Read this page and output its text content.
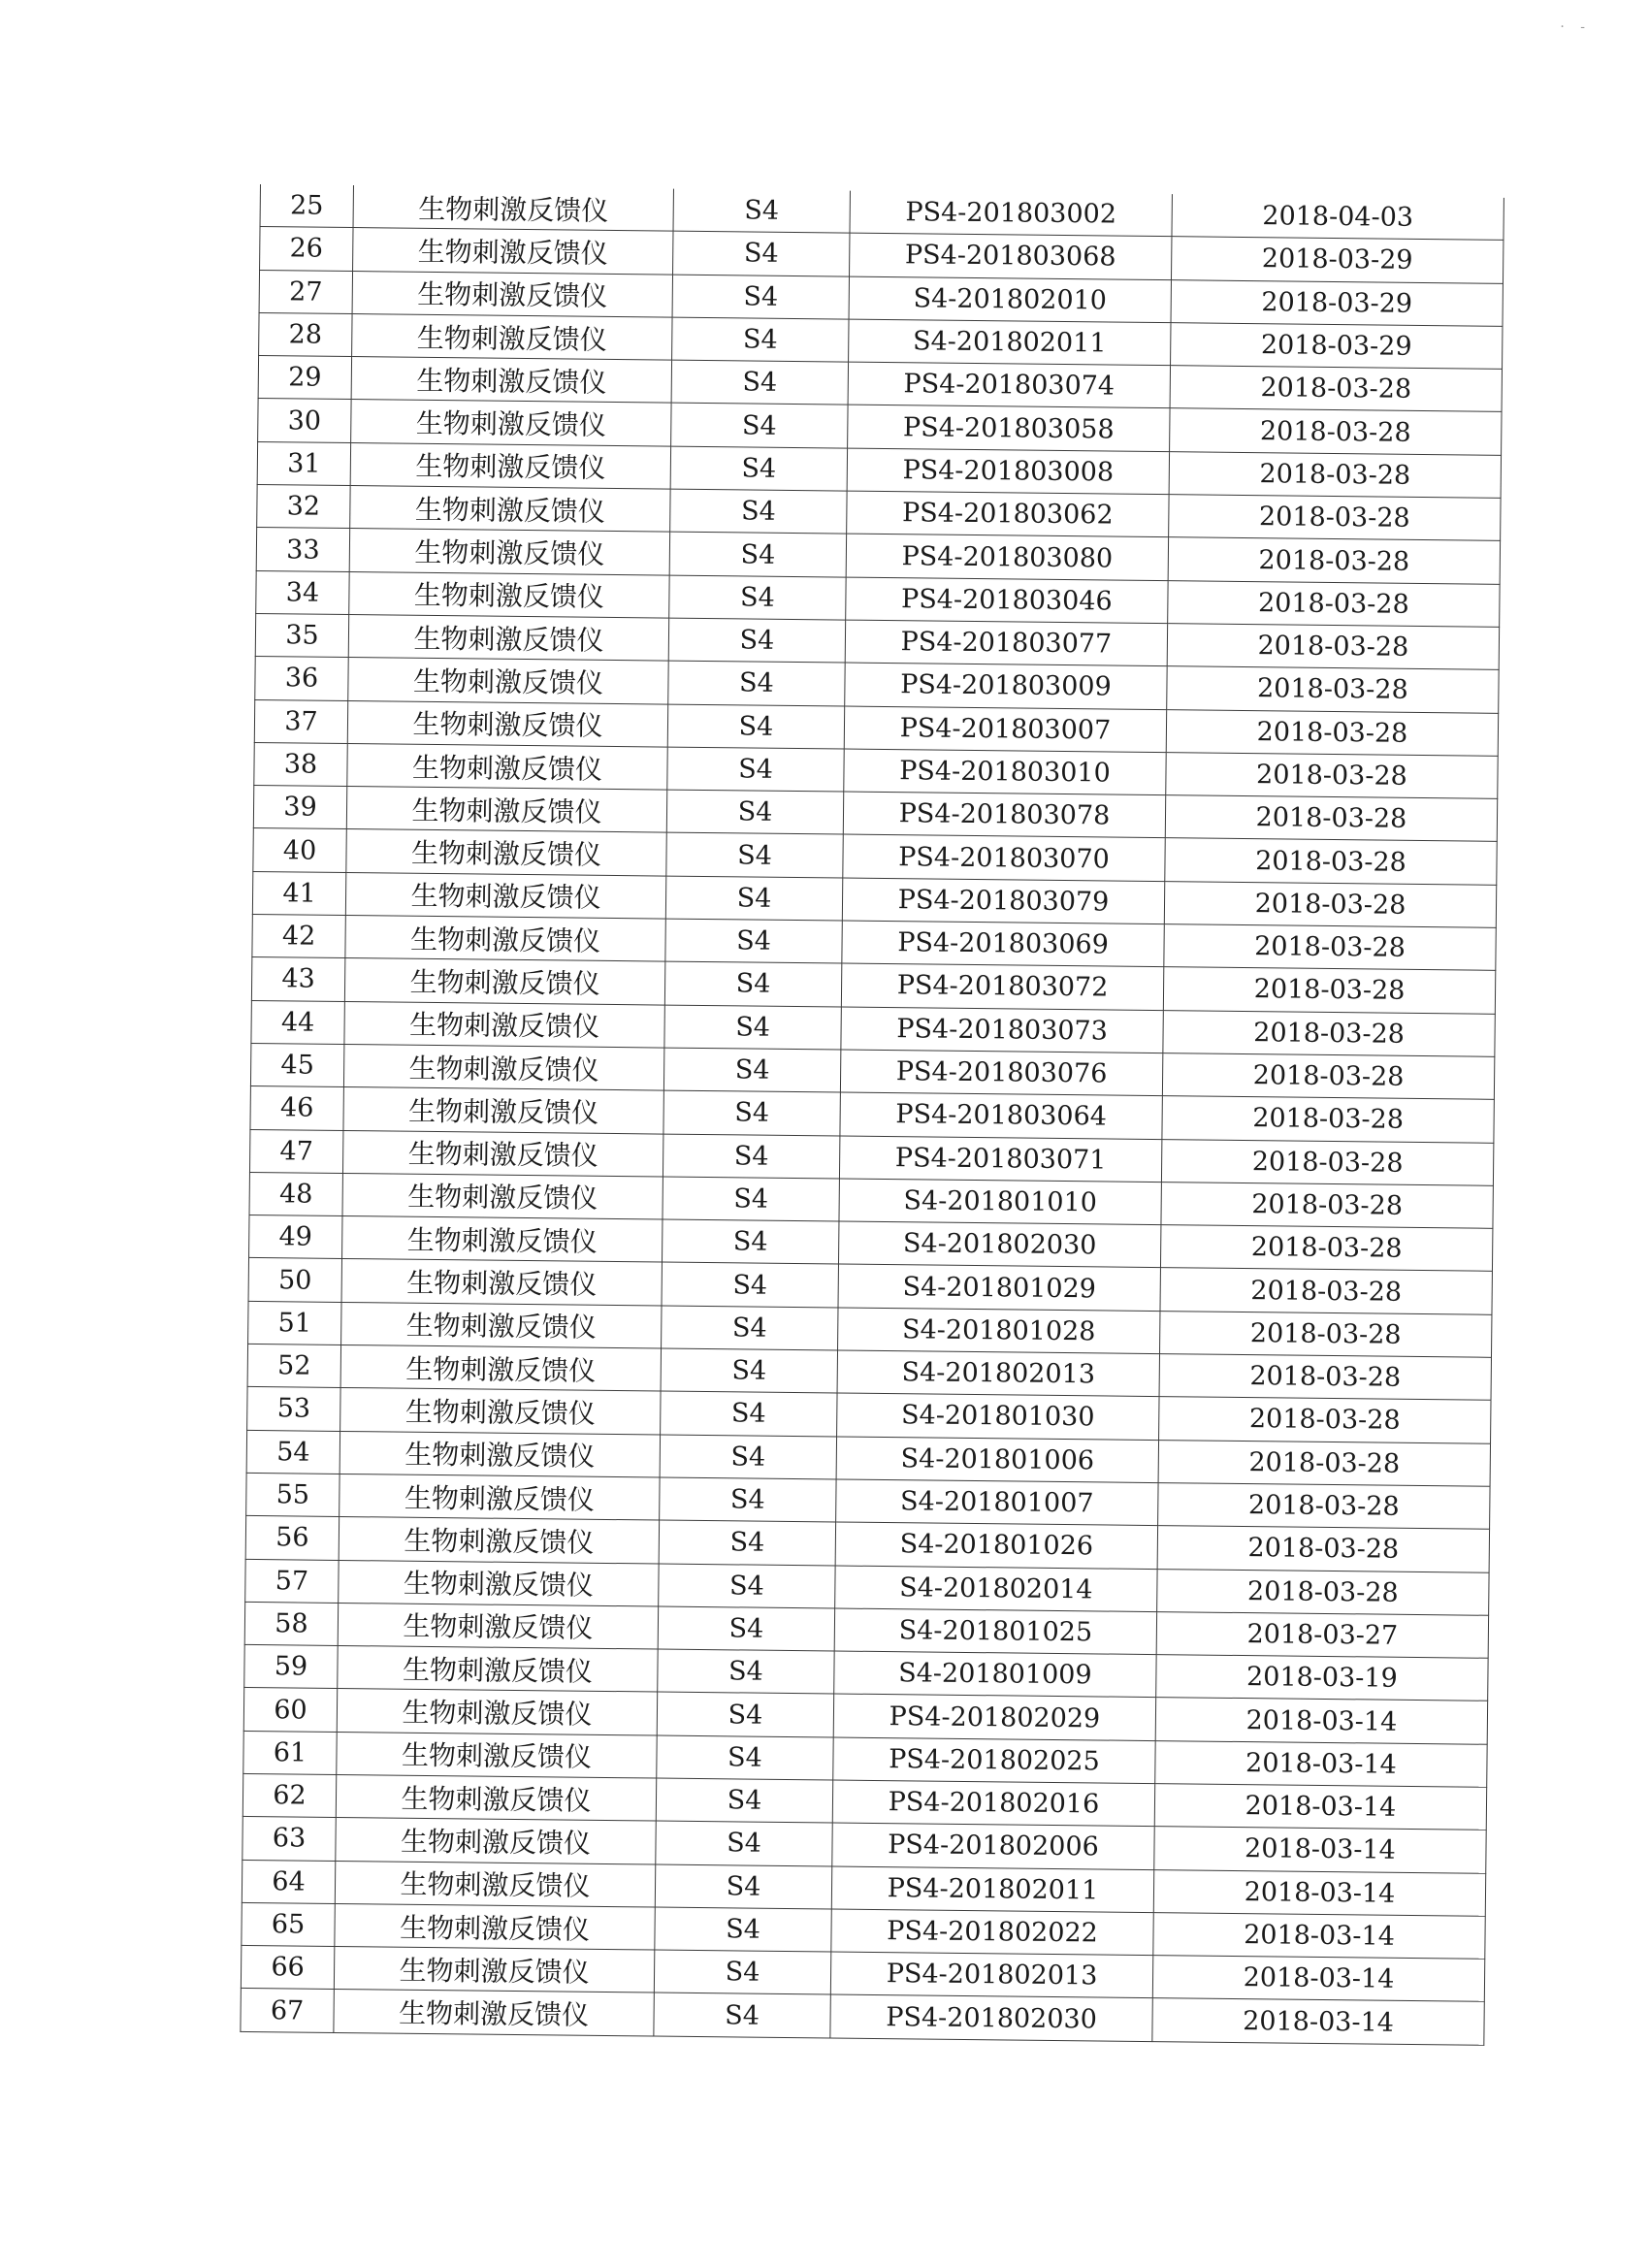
· -
25	生物刺激反馈仪	S4	PS4-201803002	2018-04-03
26	生物刺激反馈仪	S4	PS4-201803068	2018-03-29
27	生物刺激反馈仪	S4	S4-201802010	2018-03-29
28	生物刺激反馈仪	S4	S4-201802011	2018-03-29
29	生物刺激反馈仪	S4	PS4-201803074	2018-03-28
30	生物刺激反馈仪	S4	PS4-201803058	2018-03-28
31	生物刺激反馈仪	S4	PS4-201803008	2018-03-28
32	生物刺激反馈仪	S4	PS4-201803062	2018-03-28
33	生物刺激反馈仪	S4	PS4-201803080	2018-03-28
34	生物刺激反馈仪	S4	PS4-201803046	2018-03-28
35	生物刺激反馈仪	S4	PS4-201803077	2018-03-28
36	生物刺激反馈仪	S4	PS4-201803009	2018-03-28
37	生物刺激反馈仪	S4	PS4-201803007	2018-03-28
38	生物刺激反馈仪	S4	PS4-201803010	2018-03-28
39	生物刺激反馈仪	S4	PS4-201803078	2018-03-28
40	生物刺激反馈仪	S4	PS4-201803070	2018-03-28
41	生物刺激反馈仪	S4	PS4-201803079	2018-03-28
42	生物刺激反馈仪	S4	PS4-201803069	2018-03-28
43	生物刺激反馈仪	S4	PS4-201803072	2018-03-28
44	生物刺激反馈仪	S4	PS4-201803073	2018-03-28
45	生物刺激反馈仪	S4	PS4-201803076	2018-03-28
46	生物刺激反馈仪	S4	PS4-201803064	2018-03-28
47	生物刺激反馈仪	S4	PS4-201803071	2018-03-28
48	生物刺激反馈仪	S4	S4-201801010	2018-03-28
49	生物刺激反馈仪	S4	S4-201802030	2018-03-28
50	生物刺激反馈仪	S4	S4-201801029	2018-03-28
51	生物刺激反馈仪	S4	S4-201801028	2018-03-28
52	生物刺激反馈仪	S4	S4-201802013	2018-03-28
53	生物刺激反馈仪	S4	S4-201801030	2018-03-28
54	生物刺激反馈仪	S4	S4-201801006	2018-03-28
55	生物刺激反馈仪	S4	S4-201801007	2018-03-28
56	生物刺激反馈仪	S4	S4-201801026	2018-03-28
57	生物刺激反馈仪	S4	S4-201802014	2018-03-28
58	生物刺激反馈仪	S4	S4-201801025	2018-03-27
59	生物刺激反馈仪	S4	S4-201801009	2018-03-19
60	生物刺激反馈仪	S4	PS4-201802029	2018-03-14
61	生物刺激反馈仪	S4	PS4-201802025	2018-03-14
62	生物刺激反馈仪	S4	PS4-201802016	2018-03-14
63	生物刺激反馈仪	S4	PS4-201802006	2018-03-14
64	生物刺激反馈仪	S4	PS4-201802011	2018-03-14
65	生物刺激反馈仪	S4	PS4-201802022	2018-03-14
66	生物刺激反馈仪	S4	PS4-201802013	2018-03-14
67	生物刺激反馈仪	S4	PS4-201802030	2018-03-14
